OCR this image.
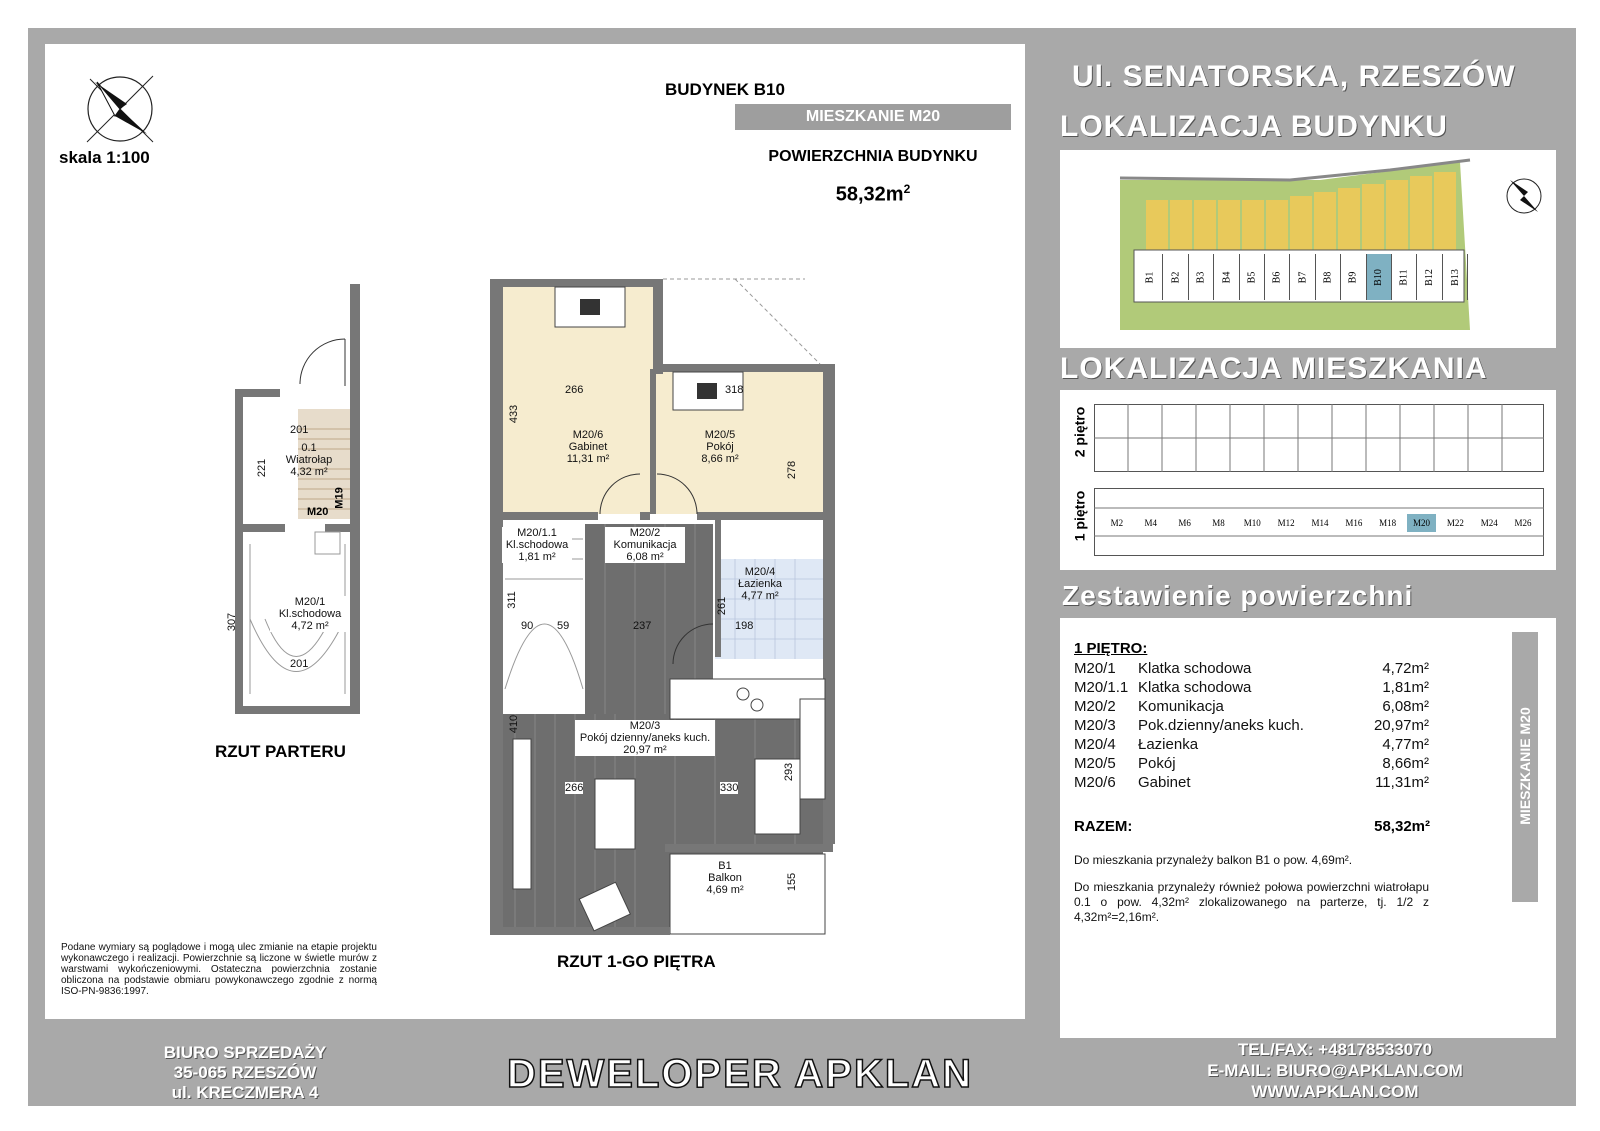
skala 1:100
BUDYNEK B10
MIESZKANIE M20
POWIERZCHNIA BUDYNKU
$58,32m^2$
201
221
307
201
0.1
Wiatrołap
4,32 m²
M20/1
Kl.schodowa
4,72 m²
M20
M19
RZUT PARTERU
M20/6
Gabinet
11,31 m²
M20/5
Pokój
8,66 m²
M20/1.1
Kl.schodowa
1,81 m²
M20/2
Komunikacja
6,08 m²
M20/4
Łazienka
4,77 m²
M20/3
Pokój dzienny/aneks kuch.
20,97 m²
B1
Balkon
4,69 m²
266	318
433
278
311
90 59	237
261
198
410
266	330
293
155
RZUT 1-GO PIĘTRA
Podane wymiary są poglądowe i mogą ulec zmianie na etapie projektu wykonawczego i realizacji. Powierzchnie są liczone w świetle murów z warstwami wykończeniowymi. Ostateczna powierzchnia zostanie obliczona na podstawie obmiaru powykonawczego zgodnie z normą ISO-PN-9836:1997.
Ul. SENATORSKA, RZESZÓW
LOKALIZACJA BUDYNKU
B1 B2 B3 B4 B5 B6 B7 B8 B9 B10 B11 B12 B13
LOKALIZACJA MIESZKANIA
2 piętro
1 piętro	M2	M4	M6	M8	M10	M12	M14	M16	M18	M20	M22	M24	M26
Zestawienie powierzchni
1 PIĘTRO:
M20/1 Klatka schodowa	4,72m²
M20/1.1 Klatka schodowa	1,81m²
M20/2 Komunikacja	6,08m²
M20/3 Pok.dzienny/aneks kuch.	20,97m²
M20/4 Łazienka	4,77m²
M20/5 Pokój	8,66m²
M20/6 Gabinet	11,31m²
RAZEM:	58,32m²
Do mieszkania przynależy balkon B1 o pow. 4,69m².
Do mieszkania przynależy również połowa powierzchni wiatrołapu 0.1 o pow. 4,32m² zlokalizowanego na parterze, tj. 1/2 z 4,32m²=2,16m².
MIESZKANIE M20
BIURO SPRZEDAŻY
35-065 RZESZÓW
ul. KRECZMERA 4	DEWELOPER APKLAN
TEL/FAX: +48178533070
E-MAIL: BIURO@APKLAN.COM
WWW.APKLAN.COM
